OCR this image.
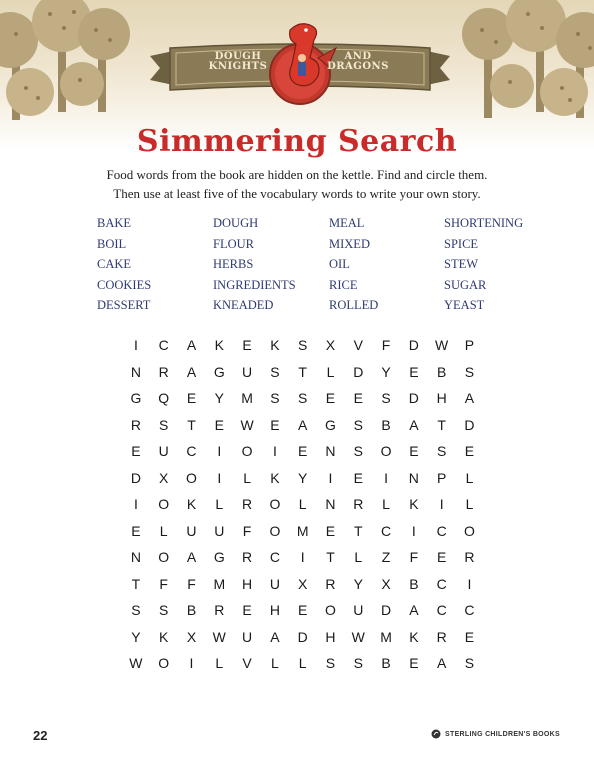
DOUGH
KNIGHTS
AND
DRAGONS
Simmering Search
Food words from the book are hidden on the kettle. Find and circle them.
Then use at least five of the vocabulary words to write your own story.
BAKE	DOUGH	MEAL	SHORTENING
BOIL	FLOUR	MIXED	SPICE
CAKE	HERBS	OIL	STEW
COOKIES	INGREDIENTS	RICE	SUGAR
DESSERT	KNEADED	ROLLED	YEAST
I	C	A	K	E	K	S	X	V	F	D	W	P
N	R	A	G	U	S	T	L	D	Y	E	B	S
G	Q	E	Y	M	S	S	E	E	S	D	H	A
R	S	T	E	W	E	A	G	S	B	A	T	D
E	U	C	I	O	I	E	N	S	O	E	S	E
D	X	O	I	L	K	Y	I	E	I	N	P	L
I	O	K	L	R	O	L	N	R	L	K	I	L
E	L	U	U	F	O	M	E	T	C	I	C	O
N	O	A	G	R	C	I	T	L	Z	F	E	R
T	F	F	M	H	U	X	R	Y	X	B	C	I
S	S	B	R	E	H	E	O	U	D	A	C	C
Y	K	X	W	U	A	D	H	W	M	K	R	E
W	O	I	L	V	L	L	S	S	B	E	A	S
22	STERLING CHILDREN'S BOOKS
